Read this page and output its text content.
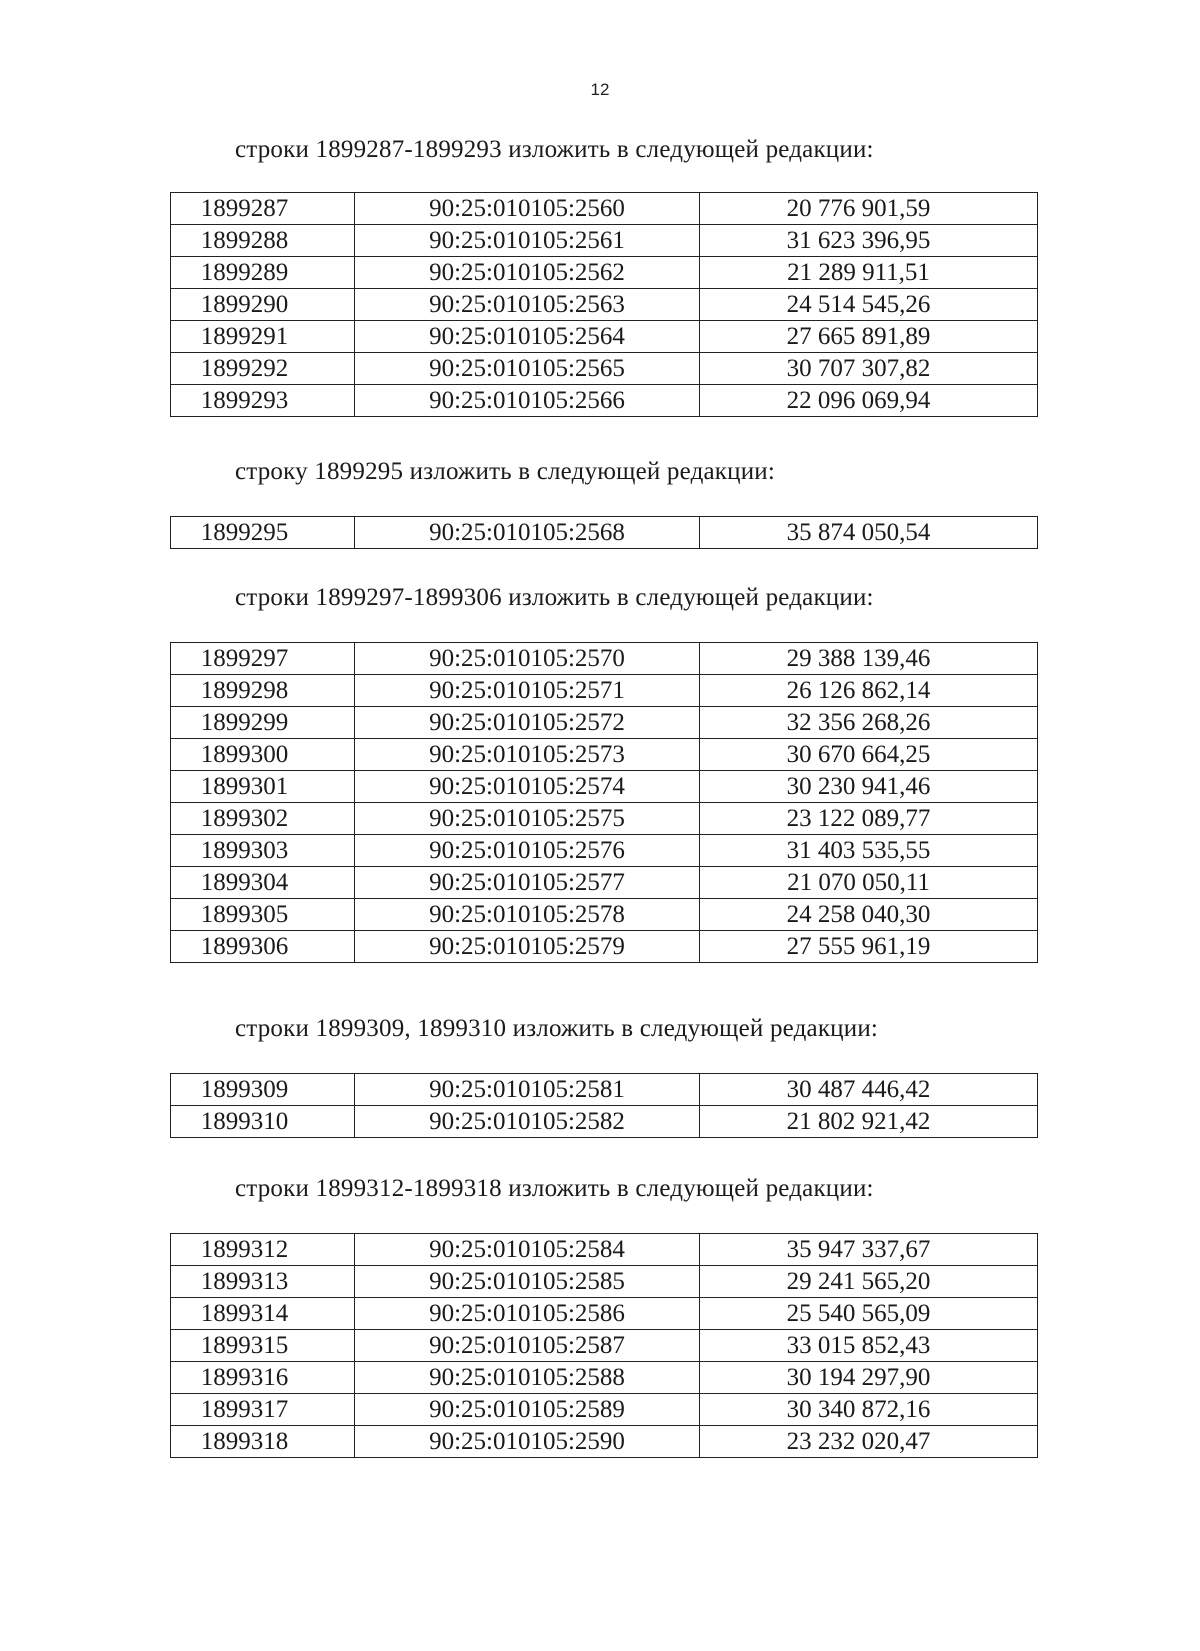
12
строки 1899287-1899293 изложить в следующей редакции:
1899287	90:25:010105:2560	20 776 901,59
1899288	90:25:010105:2561	31 623 396,95
1899289	90:25:010105:2562	21 289 911,51
1899290	90:25:010105:2563	24 514 545,26
1899291	90:25:010105:2564	27 665 891,89
1899292	90:25:010105:2565	30 707 307,82
1899293	90:25:010105:2566	22 096 069,94
строку 1899295 изложить в следующей редакции:
1899295	90:25:010105:2568	35 874 050,54
строки 1899297-1899306 изложить в следующей редакции:
1899297	90:25:010105:2570	29 388 139,46
1899298	90:25:010105:2571	26 126 862,14
1899299	90:25:010105:2572	32 356 268,26
1899300	90:25:010105:2573	30 670 664,25
1899301	90:25:010105:2574	30 230 941,46
1899302	90:25:010105:2575	23 122 089,77
1899303	90:25:010105:2576	31 403 535,55
1899304	90:25:010105:2577	21 070 050,11
1899305	90:25:010105:2578	24 258 040,30
1899306	90:25:010105:2579	27 555 961,19
строки 1899309, 1899310 изложить в следующей редакции:
1899309	90:25:010105:2581	30 487 446,42
1899310	90:25:010105:2582	21 802 921,42
строки 1899312-1899318 изложить в следующей редакции:
1899312	90:25:010105:2584	35 947 337,67
1899313	90:25:010105:2585	29 241 565,20
1899314	90:25:010105:2586	25 540 565,09
1899315	90:25:010105:2587	33 015 852,43
1899316	90:25:010105:2588	30 194 297,90
1899317	90:25:010105:2589	30 340 872,16
1899318	90:25:010105:2590	23 232 020,47
